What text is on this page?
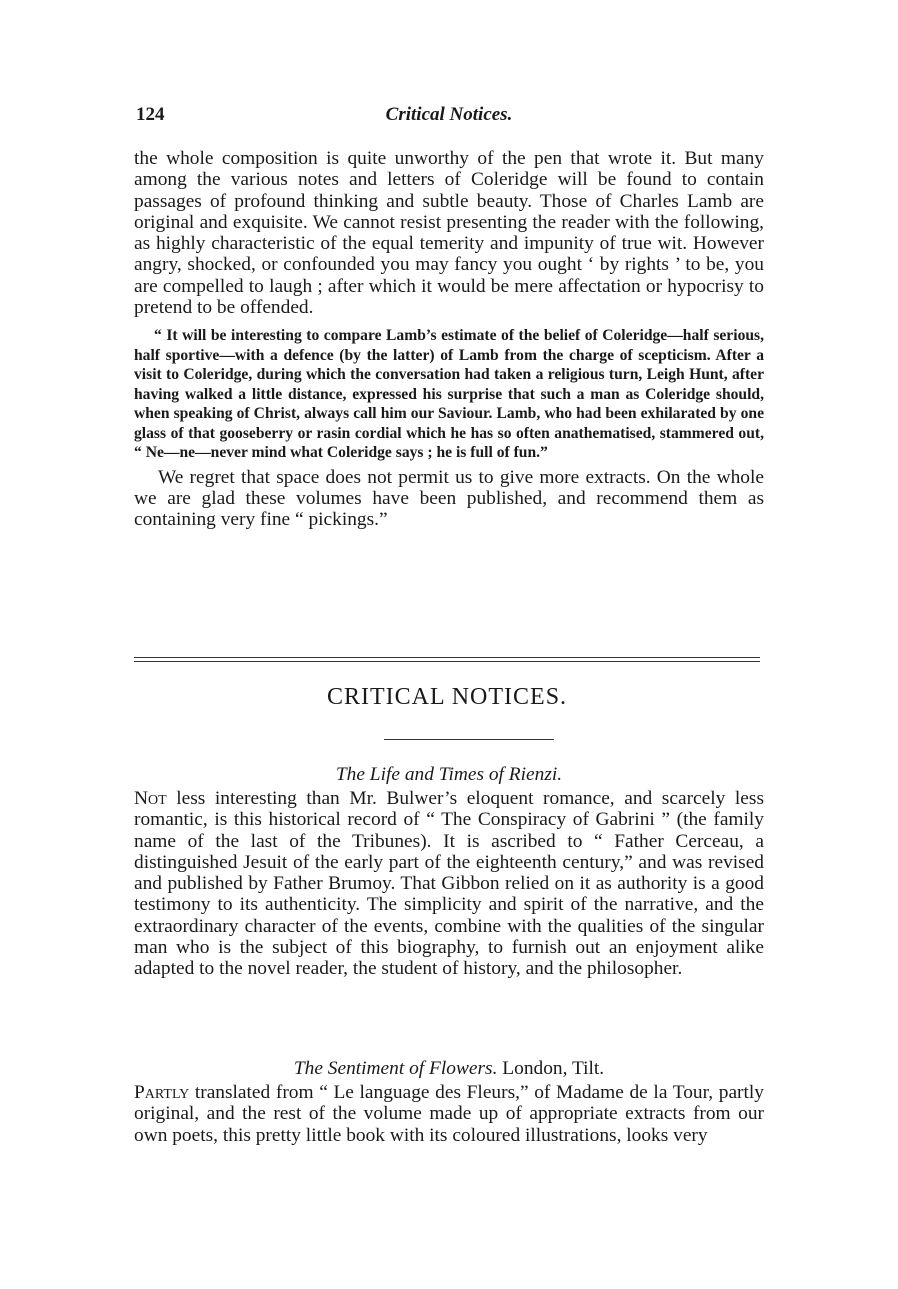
124	Critical Notices.

the whole composition is quite unworthy of the pen that wrote it. But many among the various notes and letters of Coleridge will be found to contain passages of profound thinking and subtle beauty. Those of Charles Lamb are original and exquisite. We cannot resist presenting the reader with the following, as highly characteristic of the equal temerity and impunity of true wit. However angry, shocked, or confounded you may fancy you ought ‘ by rights ’ to be, you are compelled to laugh ; after which it would be mere affectation or hypocrisy to pretend to be offended.

“ It will be interesting to compare Lamb’s estimate of the belief of Coleridge—half serious, half sportive—with a defence (by the latter) of Lamb from the charge of scepticism. After a visit to Coleridge, during which the conversation had taken a religious turn, Leigh Hunt, after having walked a little distance, expressed his surprise that such a man as Coleridge should, when speaking of Christ, always call him our Saviour. Lamb, who had been exhilarated by one glass of that gooseberry or rasin cordial which he has so often anathematised, stammered out, “ Ne—ne—never mind what Coleridge says ; he is full of fun.”

We regret that space does not permit us to give more extracts. On the whole we are glad these volumes have been published, and recommend them as containing very fine “ pickings.”

CRITICAL NOTICES.
The Life and Times of Rienzi.

Not less interesting than Mr. Bulwer’s eloquent romance, and scarcely less romantic, is this historical record of “ The Conspiracy of Gabrini ” (the family name of the last of the Tribunes). It is ascribed to “ Father Cerceau, a distinguished Jesuit of the early part of the eighteenth century,” and was revised and published by Father Brumoy. That Gibbon relied on it as authority is a good testimony to its authenticity. The simplicity and spirit of the narrative, and the extraordinary character of the events, combine with the qualities of the singular man who is the subject of this biography, to furnish out an enjoyment alike adapted to the novel reader, the student of history, and the philosopher.

The Sentiment of Flowers. London, Tilt.

Partly translated from “ Le language des Fleurs,” of Madame de la Tour, partly original, and the rest of the volume made up of appropriate extracts from our own poets, this pretty little book with its coloured illustrations, looks very
